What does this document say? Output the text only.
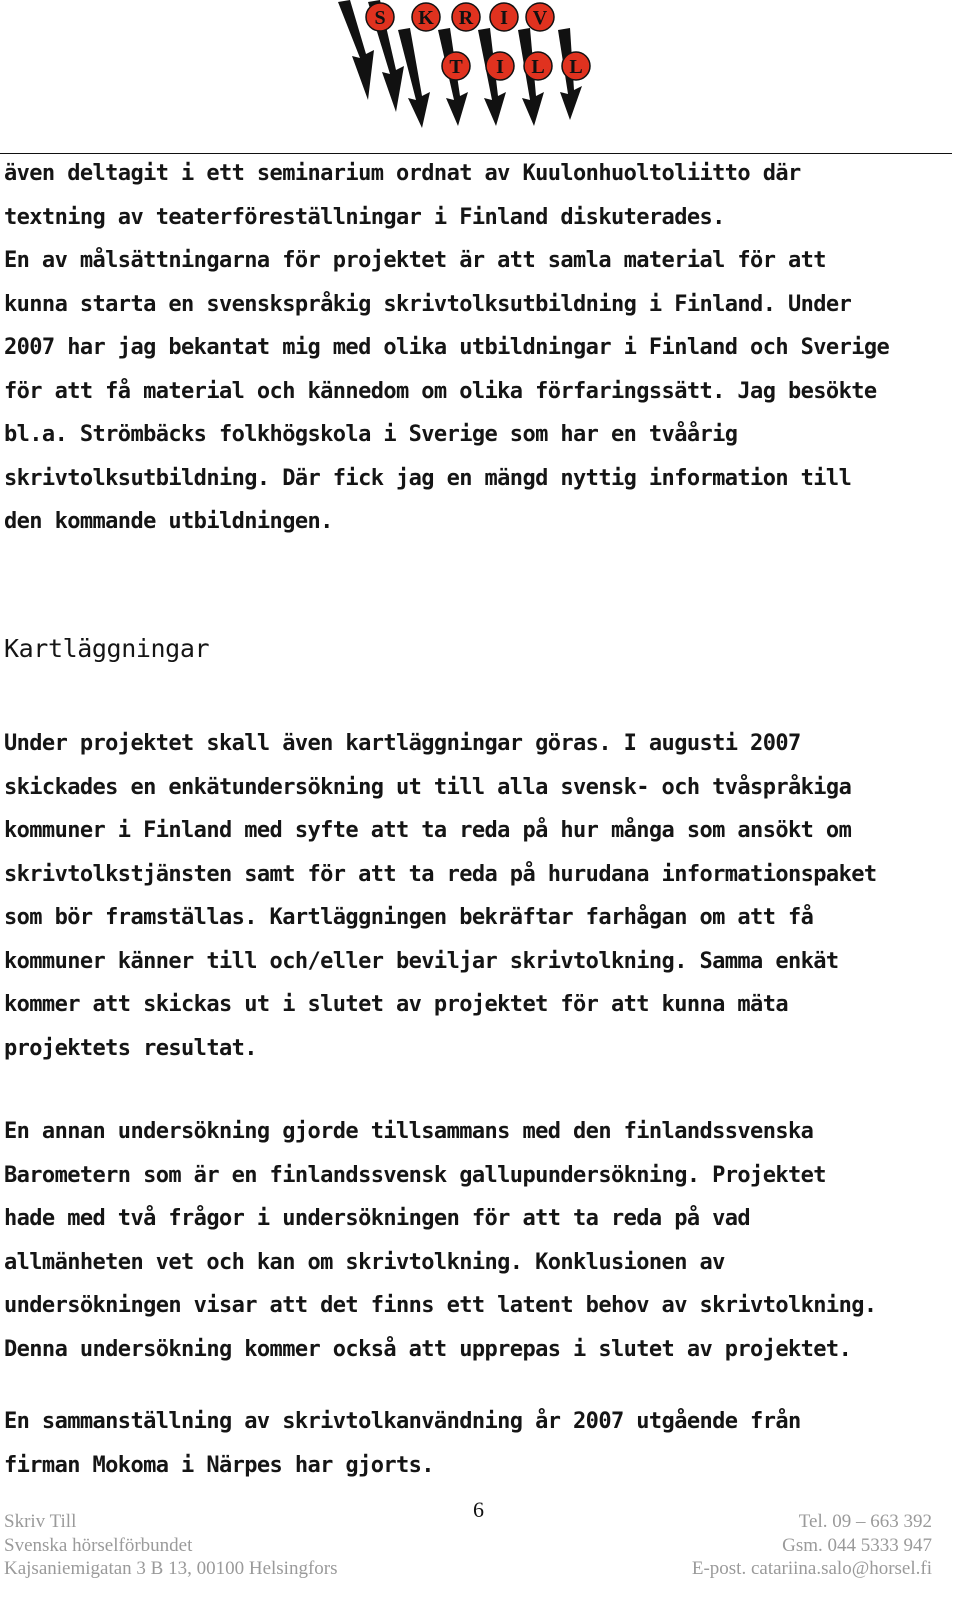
S K R I V
T I L L

även deltagit i ett seminarium ordnat av Kuulonhuoltoliitto där

textning av teaterföreställningar i Finland diskuterades.

En av målsättningarna för projektet är att samla material för att

kunna starta en svenskspråkig skrivtolksutbildning i Finland. Under

2007 har jag bekantat mig med olika utbildningar i Finland och Sverige

för att få material och kännedom om olika förfaringssätt. Jag besökte

bl.a. Strömbäcks folkhögskola i Sverige som har en tvåårig

skrivtolksutbildning. Där fick jag en mängd nyttig information till

den kommande utbildningen.

Kartläggningar

Under projektet skall även kartläggningar göras. I augusti 2007

skickades en enkätundersökning ut till alla svensk- och tvåspråkiga

kommuner i Finland med syfte att ta reda på hur många som ansökt om

skrivtolkstjänsten samt för att ta reda på hurudana informationspaket

som bör framställas. Kartläggningen bekräftar farhågan om att få

kommuner känner till och/eller beviljar skrivtolkning. Samma enkät

kommer att skickas ut i slutet av projektet för att kunna mäta

projektets resultat.

En annan undersökning gjorde tillsammans med den finlandssvenska

Barometern som är en finlandssvensk gallupundersökning. Projektet

hade med två frågor i undersökningen för att ta reda på vad

allmänheten vet och kan om skrivtolkning. Konklusionen av

undersökningen visar att det finns ett latent behov av skrivtolkning.

Denna undersökning kommer också att upprepas i slutet av projektet.

En sammanställning av skrivtolkanvändning år 2007 utgående från

firman Mokoma i Närpes har gjorts.

6
Skriv Till
Svenska hörselförbundet
Kajsaniemigatan 3 B 13, 00100 Helsingfors
Tel. 09 – 663 392
Gsm. 044 5333 947
E-post. catariina.salo@horsel.fi
